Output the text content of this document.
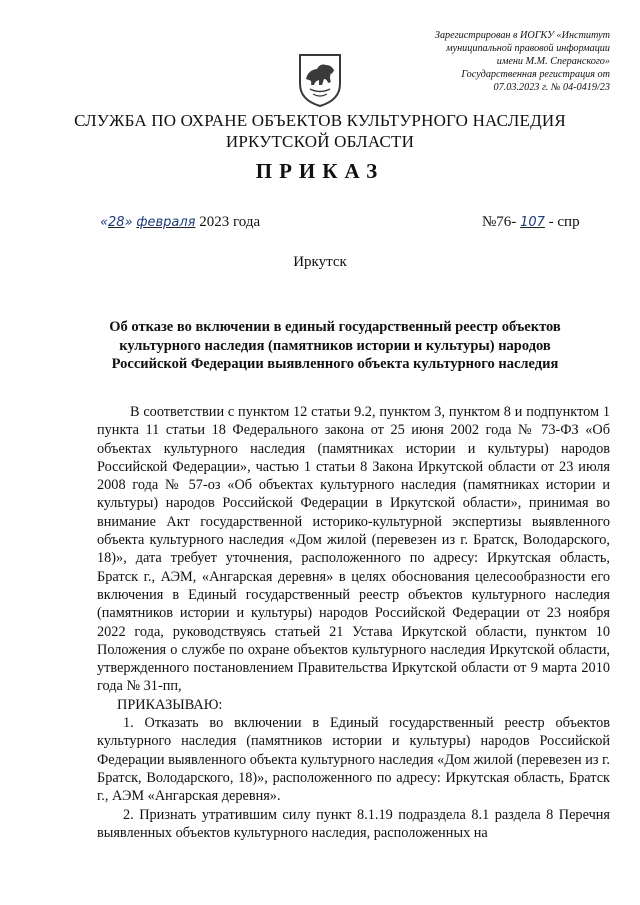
Зарегистрирован в ИОГКУ «Институт
муниципальной правовой информации
имени М.М. Сперанского»
Государственная регистрация от
07.03.2023 г. № 04-0419/23
СЛУЖБА ПО ОХРАНЕ ОБЪЕКТОВ КУЛЬТУРНОГО НАСЛЕДИЯ
ИРКУТСКОЙ ОБЛАСТИ
ПРИКАЗ
«28» февраля 2023 года	№76- 107 - спр
Иркутск
Об отказе во включении в единый государственный реестр объектов
культурного наследия (памятников истории и культуры) народов
Российской Федерации выявленного объекта культурного наследия

В соответствии с пунктом 12 статьи 9.2, пунктом 3, пунктом 8 и подпунктом 1 пункта 11 статьи 18 Федерального закона от 25 июня 2002 года № 73-ФЗ «Об объектах культурного наследия (памятниках истории и культуры) народов Российской Федерации», частью 1 статьи 8 Закона Иркутской области от 23 июля 2008 года № 57-оз «Об объектах культурного наследия (памятниках истории и культуры) народов Российской Федерации в Иркутской области», принимая во внимание Акт государственной историко-культурной экспертизы выявленного объекта культурного наследия «Дом жилой (перевезен из г. Братск, Володарского, 18)», дата требует уточнения, расположенного по адресу: Иркутская область, Братск г., АЭМ, «Ангарская деревня» в целях обоснования целесообразности его включения в Единый государственный реестр объектов культурного наследия (памятников истории и культуры) народов Российской Федерации от 23 ноября 2022 года, руководствуясь статьей 21 Устава Иркутской области, пунктом 10 Положения о службе по охране объектов культурного наследия Иркутской области, утвержденного постановлением Правительства Иркутской области от 9 марта 2010 года № 31-пп,

ПРИКАЗЫВАЮ:

1. Отказать во включении в Единый государственный реестр объектов культурного наследия (памятников истории и культуры) народов Российской Федерации выявленного объекта культурного наследия «Дом жилой (перевезен из г. Братск, Володарского, 18)», расположенного по адресу: Иркутская область, Братск г., АЭМ «Ангарская деревня».

2. Признать утратившим силу пункт 8.1.19 подраздела 8.1 раздела 8 Перечня выявленных объектов культурного наследия, расположенных на
